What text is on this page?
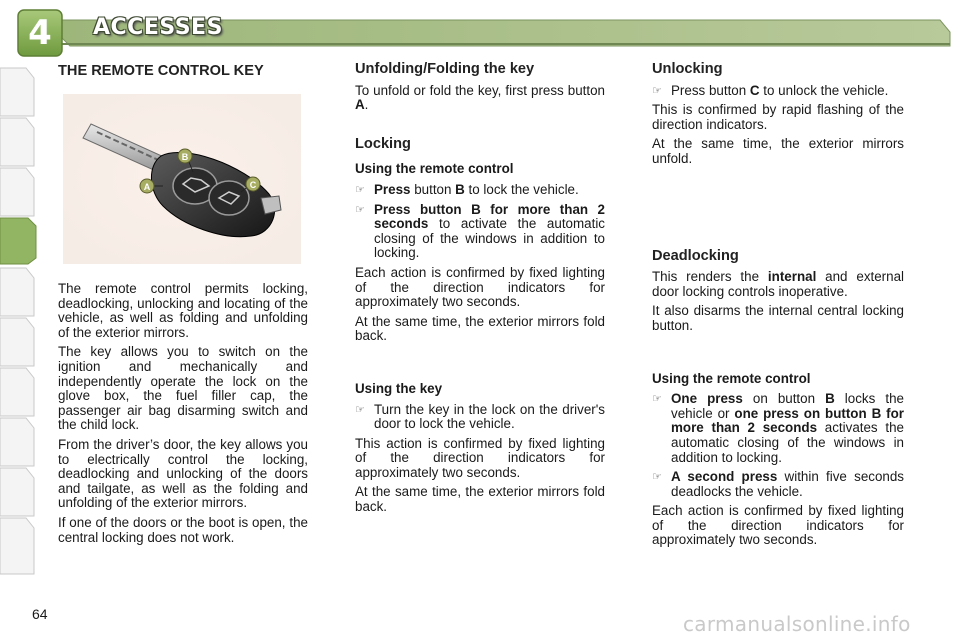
4 ACCESSES
THE REMOTE CONTROL KEY
A
B
C

The remote control permits locking, deadlocking, unlocking and locating of the vehicle, as well as folding and unfolding of the exterior mirrors.

The key allows you to switch on the ignition and mechanically and independently operate the lock on the glove box, the fuel filler cap, the passenger air bag disarming switch and the child lock.

From the driver’s door, the key allows you to electrically control the locking, deadlocking and unlocking of the doors and tailgate, as well as the folding and unfolding of the exterior mirrors.

If one of the doors or the boot is open, the central locking does not work.

Unfolding/Folding the key

To unfold or fold the key, first press button A.

Locking
Using the remote control
☞ Press button B to lock the vehicle.
☞ Press button B for more than 2 seconds to activate the automatic closing of the windows in addition to locking.

Each action is confirmed by fixed lighting of the direction indicators for approximately two seconds.

At the same time, the exterior mirrors fold back.

Using the key
☞ Turn the key in the lock on the driver's door to lock the vehicle.

This action is confirmed by fixed lighting of the direction indicators for approximately two seconds.

At the same time, the exterior mirrors fold back.

Unlocking
☞ Press button C to unlock the vehicle.

This is confirmed by rapid flashing of the direction indicators.

At the same time, the exterior mirrors unfold.

Deadlocking

This renders the internal and external door locking controls inoperative.

It also disarms the internal central locking button.

Using the remote control
☞ One press on button B locks the vehicle or one press on button B for more than 2 seconds activates the automatic closing of the windows in addition to locking.
☞ A second press within five seconds deadlocks the vehicle.

Each action is confirmed by fixed lighting of the direction indicators for approximately two seconds.

64	carmanualsonline.info
